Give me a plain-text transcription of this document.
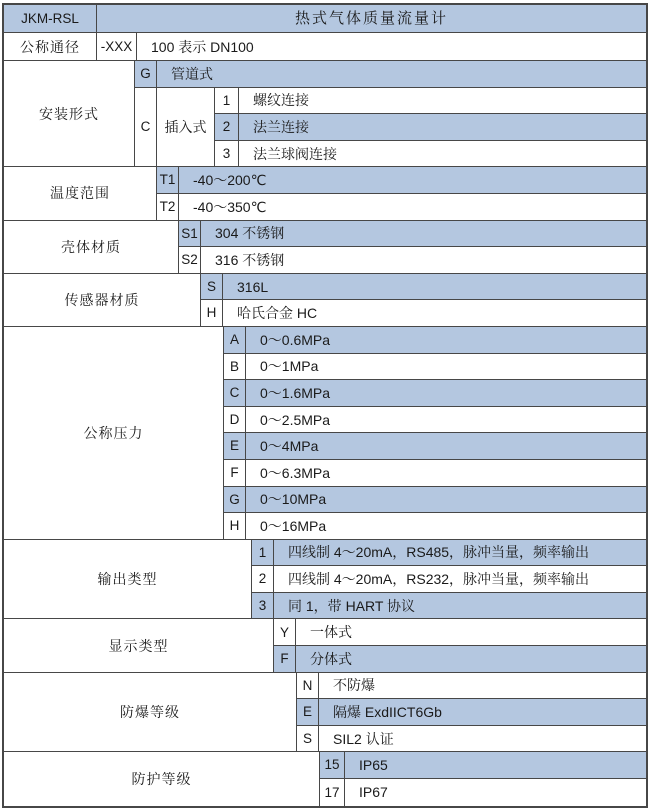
JKM-RSL	热式气体质量流量计
公称通径	-XXX	100 表示 DN100
安装形式
G	管道式
C	插入式
1	螺纹连接
2	法兰连接
3	法兰球阀连接
温度范围
T1	-40～200℃
T2	-40～350℃
壳体材质
S1	304 不锈钢
S2	316 不锈钢
传感器材质
S	316L
H	哈氏合金 HC
公称压力
A	0～0.6MPa
B	0～1MPa
C	0～1.6MPa
D	0～2.5MPa
E	0～4MPa
F	0～6.3MPa
G	0～10MPa
H	0～16MPa
输出类型
1	四线制 4～20mA，RS485，脉冲当量，频率输出
2	四线制 4～20mA，RS232，脉冲当量，频率输出
3	同 1，带 HART 协议
显示类型
Y	一体式
F	分体式
防爆等级
N	不防爆
E	隔爆 ExdIICT6Gb
S	SIL2 认证
防护等级
15	IP65
17	IP67
